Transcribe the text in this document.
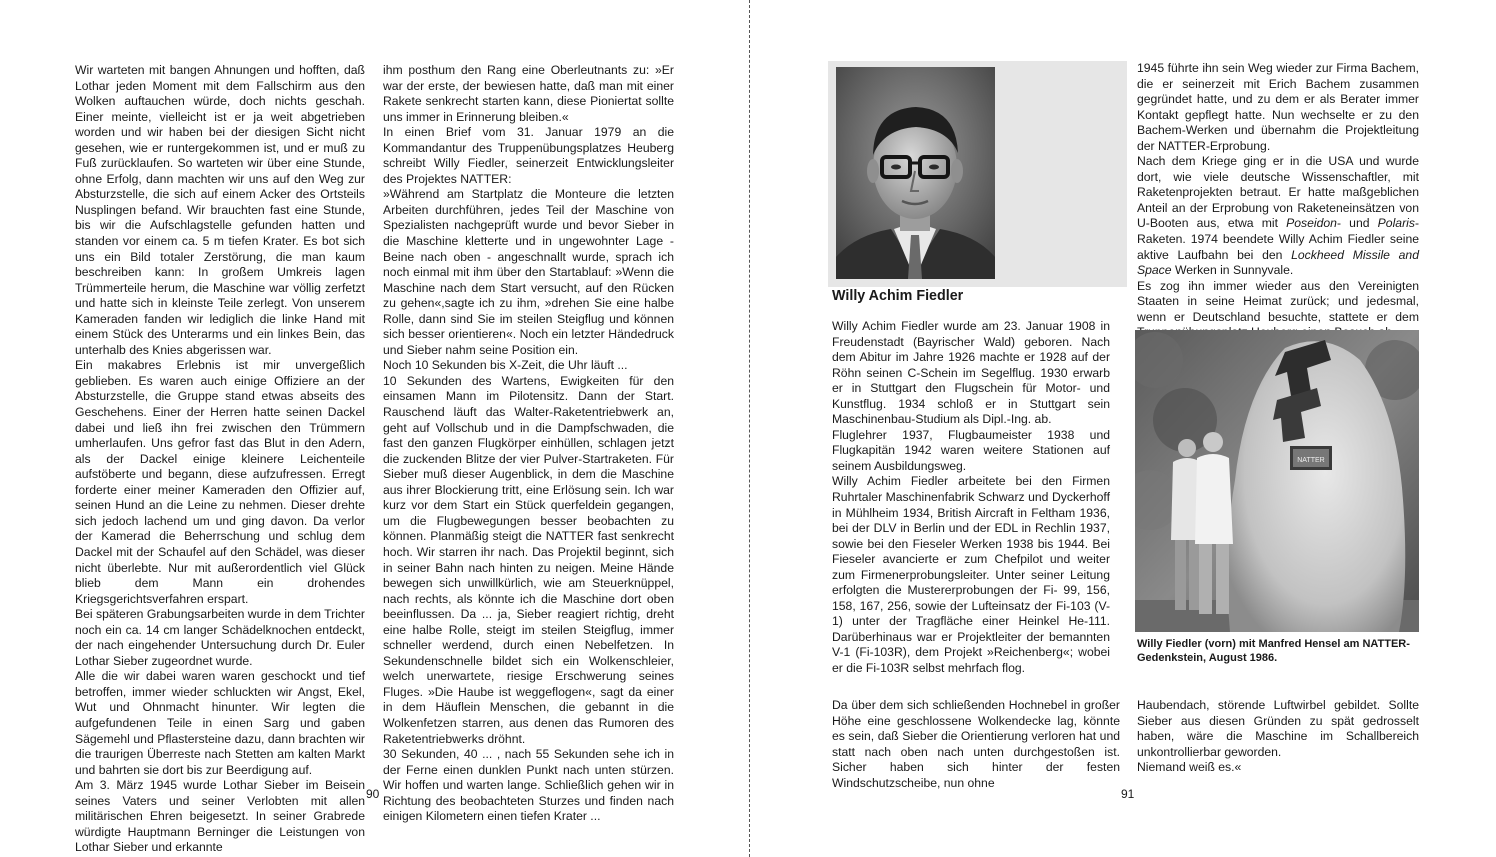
Wir warteten mit bangen Ahnungen und hofften, daß Lothar jeden Moment mit dem Fallschirm aus den Wolken auftauchen würde, doch nichts geschah. Einer meinte, vielleicht ist er ja weit abgetrieben worden und wir haben bei der diesigen Sicht nicht gesehen, wie er runtergekommen ist, und er muß zu Fuß zurücklaufen. So warteten wir über eine Stunde, ohne Erfolg, dann machten wir uns auf den Weg zur Absturzstelle, die sich auf einem Acker des Ortsteils Nusplingen befand. Wir brauchten fast eine Stunde, bis wir die Aufschlagstelle gefunden hatten und standen vor einem ca. 5 m tiefen Krater. Es bot sich uns ein Bild totaler Zerstörung, die man kaum beschreiben kann: In großem Umkreis lagen Trümmerteile herum, die Maschine war völlig zerfetzt und hatte sich in kleinste Teile zerlegt. Von unserem Kameraden fanden wir lediglich die linke Hand mit einem Stück des Unterarms und ein linkes Bein, das unterhalb des Knies abgerissen war.

Ein makabres Erlebnis ist mir unvergeßlich geblieben. Es waren auch einige Offiziere an der Absturzstelle, die Gruppe stand etwas abseits des Geschehens. Einer der Herren hatte seinen Dackel dabei und ließ ihn frei zwischen den Trümmern umherlaufen. Uns gefror fast das Blut in den Adern, als der Dackel einige kleinere Leichenteile aufstöberte und begann, diese aufzufressen. Erregt forderte einer meiner Kameraden den Offizier auf, seinen Hund an die Leine zu nehmen. Dieser drehte sich jedoch lachend um und ging davon. Da verlor der Kamerad die Beherrschung und schlug dem Dackel mit der Schaufel auf den Schädel, was dieser nicht überlebte. Nur mit außerordentlich viel Glück blieb dem Mann ein drohendes Kriegsgerichtsverfahren erspart.

Bei späteren Grabungsarbeiten wurde in dem Trichter noch ein ca. 14 cm langer Schädelknochen entdeckt, der nach eingehender Untersuchung durch Dr. Euler Lothar Sieber zugeordnet wurde.

Alle die wir dabei waren waren geschockt und tief betroffen, immer wieder schluckten wir Angst, Ekel, Wut und Ohnmacht hinunter. Wir legten die aufgefundenen Teile in einen Sarg und gaben Sägemehl und Pflastersteine dazu, dann brachten wir die traurigen Überreste nach Stetten am kalten Markt und bahrten sie dort bis zur Beerdigung auf.

Am 3. März 1945 wurde Lothar Sieber im Beisein seines Vaters und seiner Verlobten mit allen militärischen Ehren beigesetzt. In seiner Grabrede würdigte Hauptmann Berninger die Leistungen von Lothar Sieber und erkannte

ihm posthum den Rang eine Oberleutnants zu: »Er war der erste, der bewiesen hatte, daß man mit einer Rakete senkrecht starten kann, diese Pioniertat sollte uns immer in Erinnerung bleiben.«

In einen Brief vom 31. Januar 1979 an die Kommandantur des Truppenübungsplatzes Heuberg schreibt Willy Fiedler, seinerzeit Entwicklungsleiter des Projektes NATTER:

»Während am Startplatz die Monteure die letzten Arbeiten durchführen, jedes Teil der Maschine von Spezialisten nachgeprüft wurde und bevor Sieber in die Maschine kletterte und in ungewohnter Lage - Beine nach oben - angeschnallt wurde, sprach ich noch einmal mit ihm über den Startablauf: »Wenn die Maschine nach dem Start versucht, auf den Rücken zu gehen«,sagte ich zu ihm, »drehen Sie eine halbe Rolle, dann sind Sie im steilen Steigflug und können sich besser orientieren«. Noch ein letzter Händedruck und Sieber nahm seine Position ein.

Noch 10 Sekunden bis X-Zeit, die Uhr läuft ...

10 Sekunden des Wartens, Ewigkeiten für den einsamen Mann im Pilotensitz. Dann der Start. Rauschend läuft das Walter-Raketentriebwerk an, geht auf Vollschub und in die Dampfschwaden, die fast den ganzen Flugkörper einhüllen, schlagen jetzt die zuckenden Blitze der vier Pulver-Startraketen. Für Sieber muß dieser Augenblick, in dem die Maschine aus ihrer Blockierung tritt, eine Erlösung sein. Ich war kurz vor dem Start ein Stück querfeldein gegangen, um die Flugbewegungen besser beobachten zu können. Planmäßig steigt die NATTER fast senkrecht hoch. Wir starren ihr nach. Das Projektil beginnt, sich in seiner Bahn nach hinten zu neigen. Meine Hände bewegen sich unwillkürlich, wie am Steuerknüppel, nach rechts, als könnte ich die Maschine dort oben beeinflussen. Da ... ja, Sieber reagiert richtig, dreht eine halbe Rolle, steigt im steilen Steigflug, immer schneller werdend, durch einen Nebelfetzen. In Sekundenschnelle bildet sich ein Wolkenschleier, welch unerwartete, riesige Erschwerung seines Fluges. »Die Haube ist weggeflogen«, sagt da einer in dem Häuflein Menschen, die gebannt in die Wolkenfetzen starren, aus denen das Rumoren des Raketentriebwerks dröhnt.

30 Sekunden, 40 ... , nach 55 Sekunden sehe ich in der Ferne einen dunklen Punkt nach unten stürzen. Wir hoffen und warten lange. Schließlich gehen wir in Richtung des beobachteten Sturzes und finden nach einigen Kilometern einen tiefen Krater ...

90
Willy Achim Fiedler

Willy Achim Fiedler wurde am 23. Januar 1908 in Freudenstadt (Bayrischer Wald) geboren. Nach dem Abitur im Jahre 1926 machte er 1928 auf der Röhn seinen C-Schein im Segelflug. 1930 erwarb er in Stuttgart den Flugschein für Motor- und Kunstflug. 1934 schloß er in Stuttgart sein Maschinenbau-Studium als Dipl.-Ing. ab.

Fluglehrer 1937, Flugbaumeister 1938 und Flugkapitän 1942 waren weitere Stationen auf seinem Ausbildungsweg.

Willy Achim Fiedler arbeitete bei den Firmen Ruhrtaler Maschinenfabrik Schwarz und Dyckerhoff in Mühlheim 1934, British Aircraft in Feltham 1936, bei der DLV in Berlin und der EDL in Rechlin 1937, sowie bei den Fieseler Werken 1938 bis 1944. Bei Fieseler avancierte er zum Chefpilot und weiter zum Firmenerprobungsleiter. Unter seiner Leitung erfolgten die Mustererprobungen der Fi- 99, 156, 158, 167, 256, sowie der Lufteinsatz der Fi-103 (V-1) unter der Tragfläche einer Heinkel He-111. Darüberhinaus war er Projektleiter der bemannten V-1 (Fi-103R), dem Projekt »Reichenberg«; wobei er die Fi-103R selbst mehrfach flog.

1945 führte ihn sein Weg wieder zur Firma Bachem, die er seinerzeit mit Erich Bachem zusammen gegründet hatte, und zu dem er als Berater immer Kontakt gepflegt hatte. Nun wechselte er zu den Bachem-Werken und übernahm die Projektleitung der NATTER-Erprobung.

Nach dem Kriege ging er in die USA und wurde dort, wie viele deutsche Wissenschaftler, mit Raketenprojekten betraut. Er hatte maßgeblichen Anteil an der Erprobung von Raketeneinsätzen von U-Booten aus, etwa mit Poseidon- und Polaris-Raketen. 1974 beendete Willy Achim Fiedler seine aktive Laufbahn bei den Lockheed Missile and Space Werken in Sunnyvale.

Es zog ihn immer wieder aus den Vereinigten Staaten in seine Heimat zurück; und jedesmal, wenn er Deutschland besuchte, stattete er dem

NATTER
Willy Fiedler (vorn) mit Manfred Hensel am NATTER-Gedenkstein, August 1986.

Da über dem sich schließenden Hochnebel in großer Höhe eine geschlossene Wolkendecke lag, könnte es sein, daß Sieber die Orientierung verloren hat und statt nach oben nach unten durchgestoßen ist. Sicher haben sich hinter der festen Windschutzscheibe, nun ohne

Haubendach, störende Luftwirbel gebildet. Sollte Sieber aus diesen Gründen zu spät gedrosselt haben, wäre die Maschine im Schallbereich unkontrollierbar geworden.

Niemand weiß es.«

91
